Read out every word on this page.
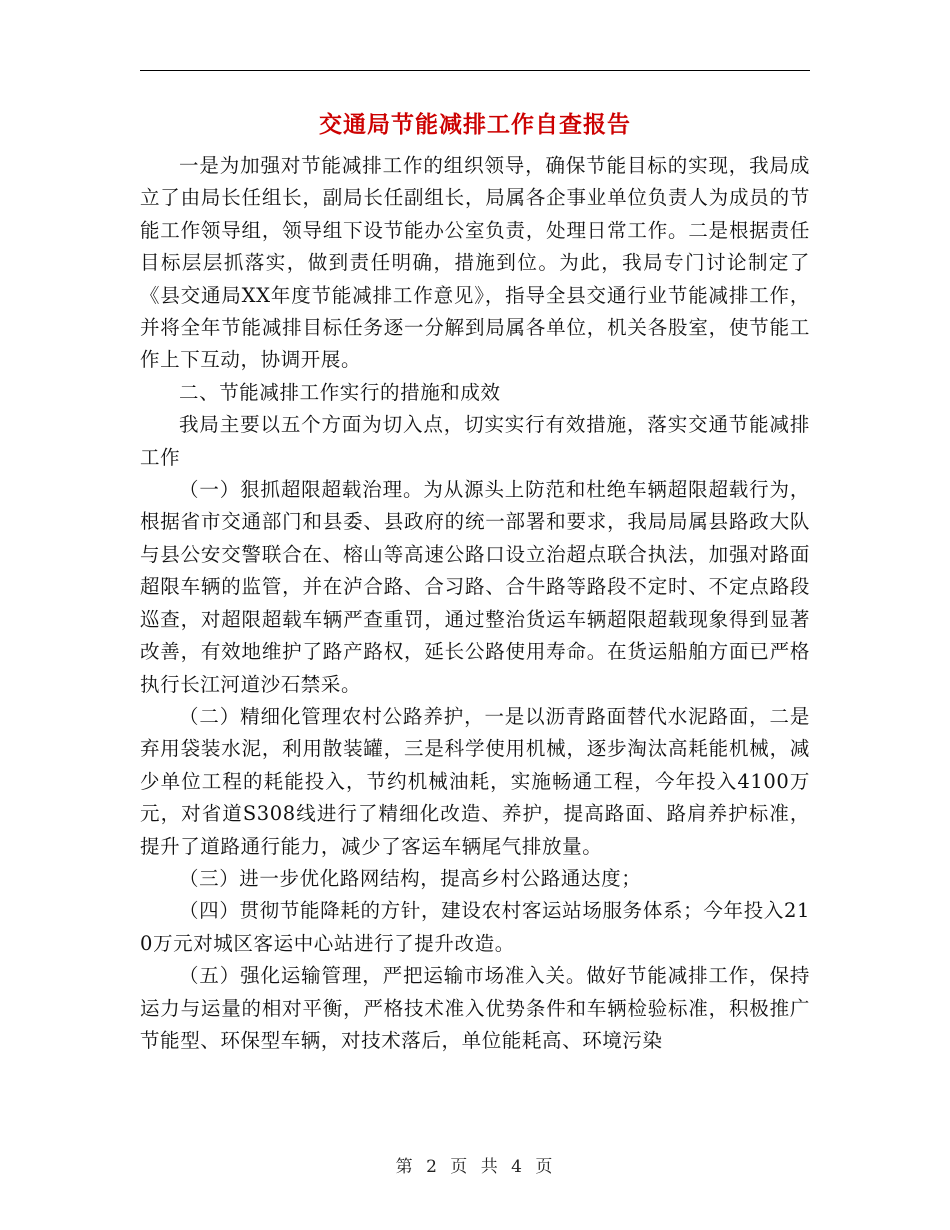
交通局节能减排工作自查报告

一是为加强对节能减排工作的组织领导，确保节能目标的实现，我局成立了由局长任组长，副局长任副组长，局属各企事业单位负责人为成员的节能工作领导组，领导组下设节能办公室负责，处理日常工作。二是根据责任目标层层抓落实，做到责任明确，措施到位。为此，我局专门讨论制定了《县交通局XX年度节能减排工作意见》，指导全县交通行业节能减排工作，并将全年节能减排目标任务逐一分解到局属各单位，机关各股室，使节能工作上下互动，协调开展。

二、节能减排工作实行的措施和成效

我局主要以五个方面为切入点，切实实行有效措施，落实交通节能减排工作

（一）狠抓超限超载治理。为从源头上防范和杜绝车辆超限超载行为，根据省市交通部门和县委、县政府的统一部署和要求，我局局属县路政大队与县公安交警联合在、榕山等高速公路口设立治超点联合执法，加强对路面超限车辆的监管，并在泸合路、合习路、合牛路等路段不定时、不定点路段巡查，对超限超载车辆严查重罚，通过整治货运车辆超限超载现象得到显著改善，有效地维护了路产路权，延长公路使用寿命。在货运船舶方面已严格执行长江河道沙石禁采。

（二）精细化管理农村公路养护，一是以沥青路面替代水泥路面，二是弃用袋装水泥，利用散装罐，三是科学使用机械，逐步淘汰高耗能机械，减少单位工程的耗能投入，节约机械油耗，实施畅通工程，今年投入4100万元，对省道S308线进行了精细化改造、养护，提高路面、路肩养护标准，提升了道路通行能力，减少了客运车辆尾气排放量。

（三）进一步优化路网结构，提高乡村公路通达度；

（四）贯彻节能降耗的方针，建设农村客运站场服务体系；今年投入210万元对城区客运中心站进行了提升改造。

（五）强化运输管理，严把运输市场准入关。做好节能减排工作，保持运力与运量的相对平衡，严格技术准入优势条件和车辆检验标准，积极推广节能型、环保型车辆，对技术落后，单位能耗高、环境污染

第 2 页 共 4 页
